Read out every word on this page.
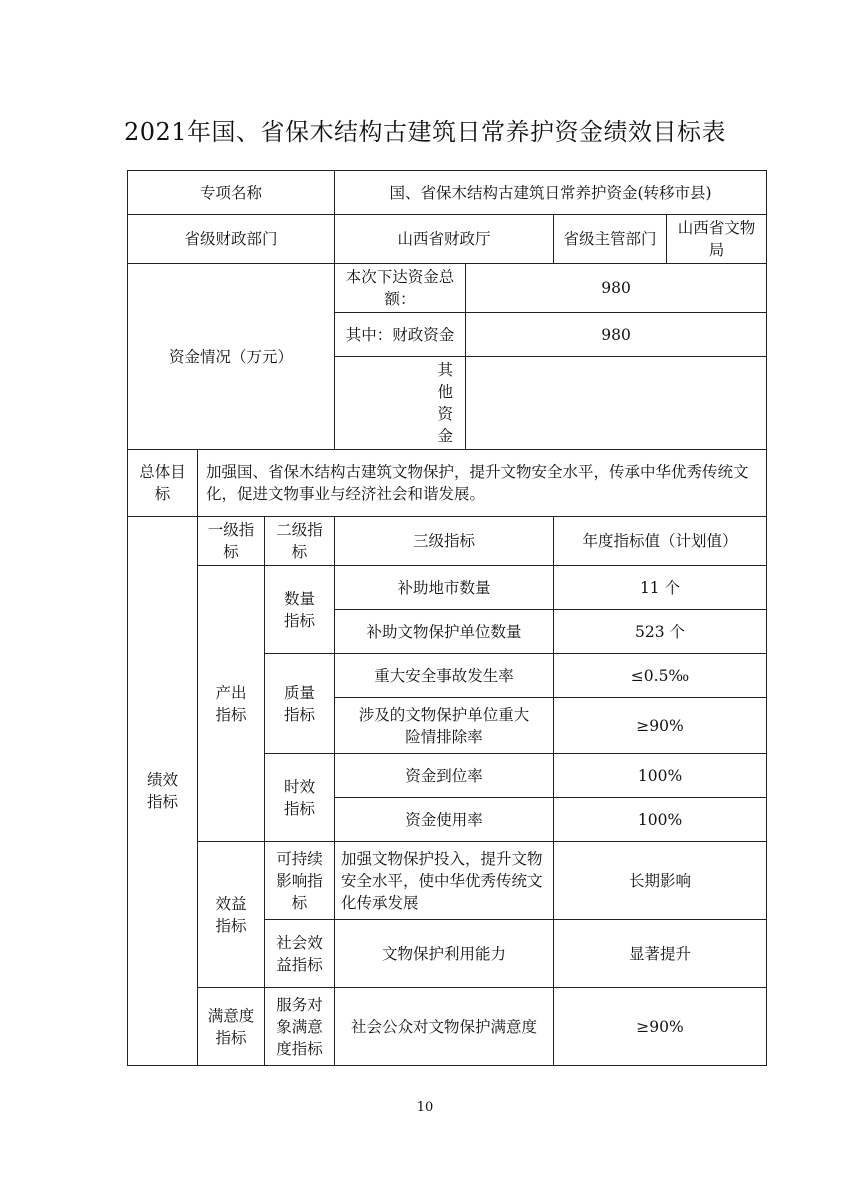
2021年国、省保木结构古建筑日常养护资金绩效目标表
专项名称			国、省保木结构古建筑日常养护资金(转移市县)			
省级财政部门			山西省财政厅		省级主管部门	山西省文物局
资金情况（万元）			本次下达资金总额：	980		
			其中：财政资金	980		
			其他资金			
总体目标	加强国、省保木结构古建筑文物保护，提升文物安全水平，传承中华优秀传统文化，促进文物事业与经济社会和谐发展。					
绩效指标	一级指标	二级指标	三级指标		年度指标值（计划值）	
	产出指标	数量指标	补助地市数量		11 个	
			补助文物保护单位数量		523 个	
		质量指标	重大安全事故发生率		≤0.5‰	
			涉及的文物保护单位重大险情排除率		≥90%	
		时效指标	资金到位率		100%	
			资金使用率		100%	
	效益指标	可持续影响指标	加强文物保护投入，提升文物安全水平，使中华优秀传统文化传承发展		长期影响	
		社会效益指标	文物保护利用能力		显著提升	
	满意度指标	服务对象满意度指标	社会公众对文物保护满意度		≥90%	
10
